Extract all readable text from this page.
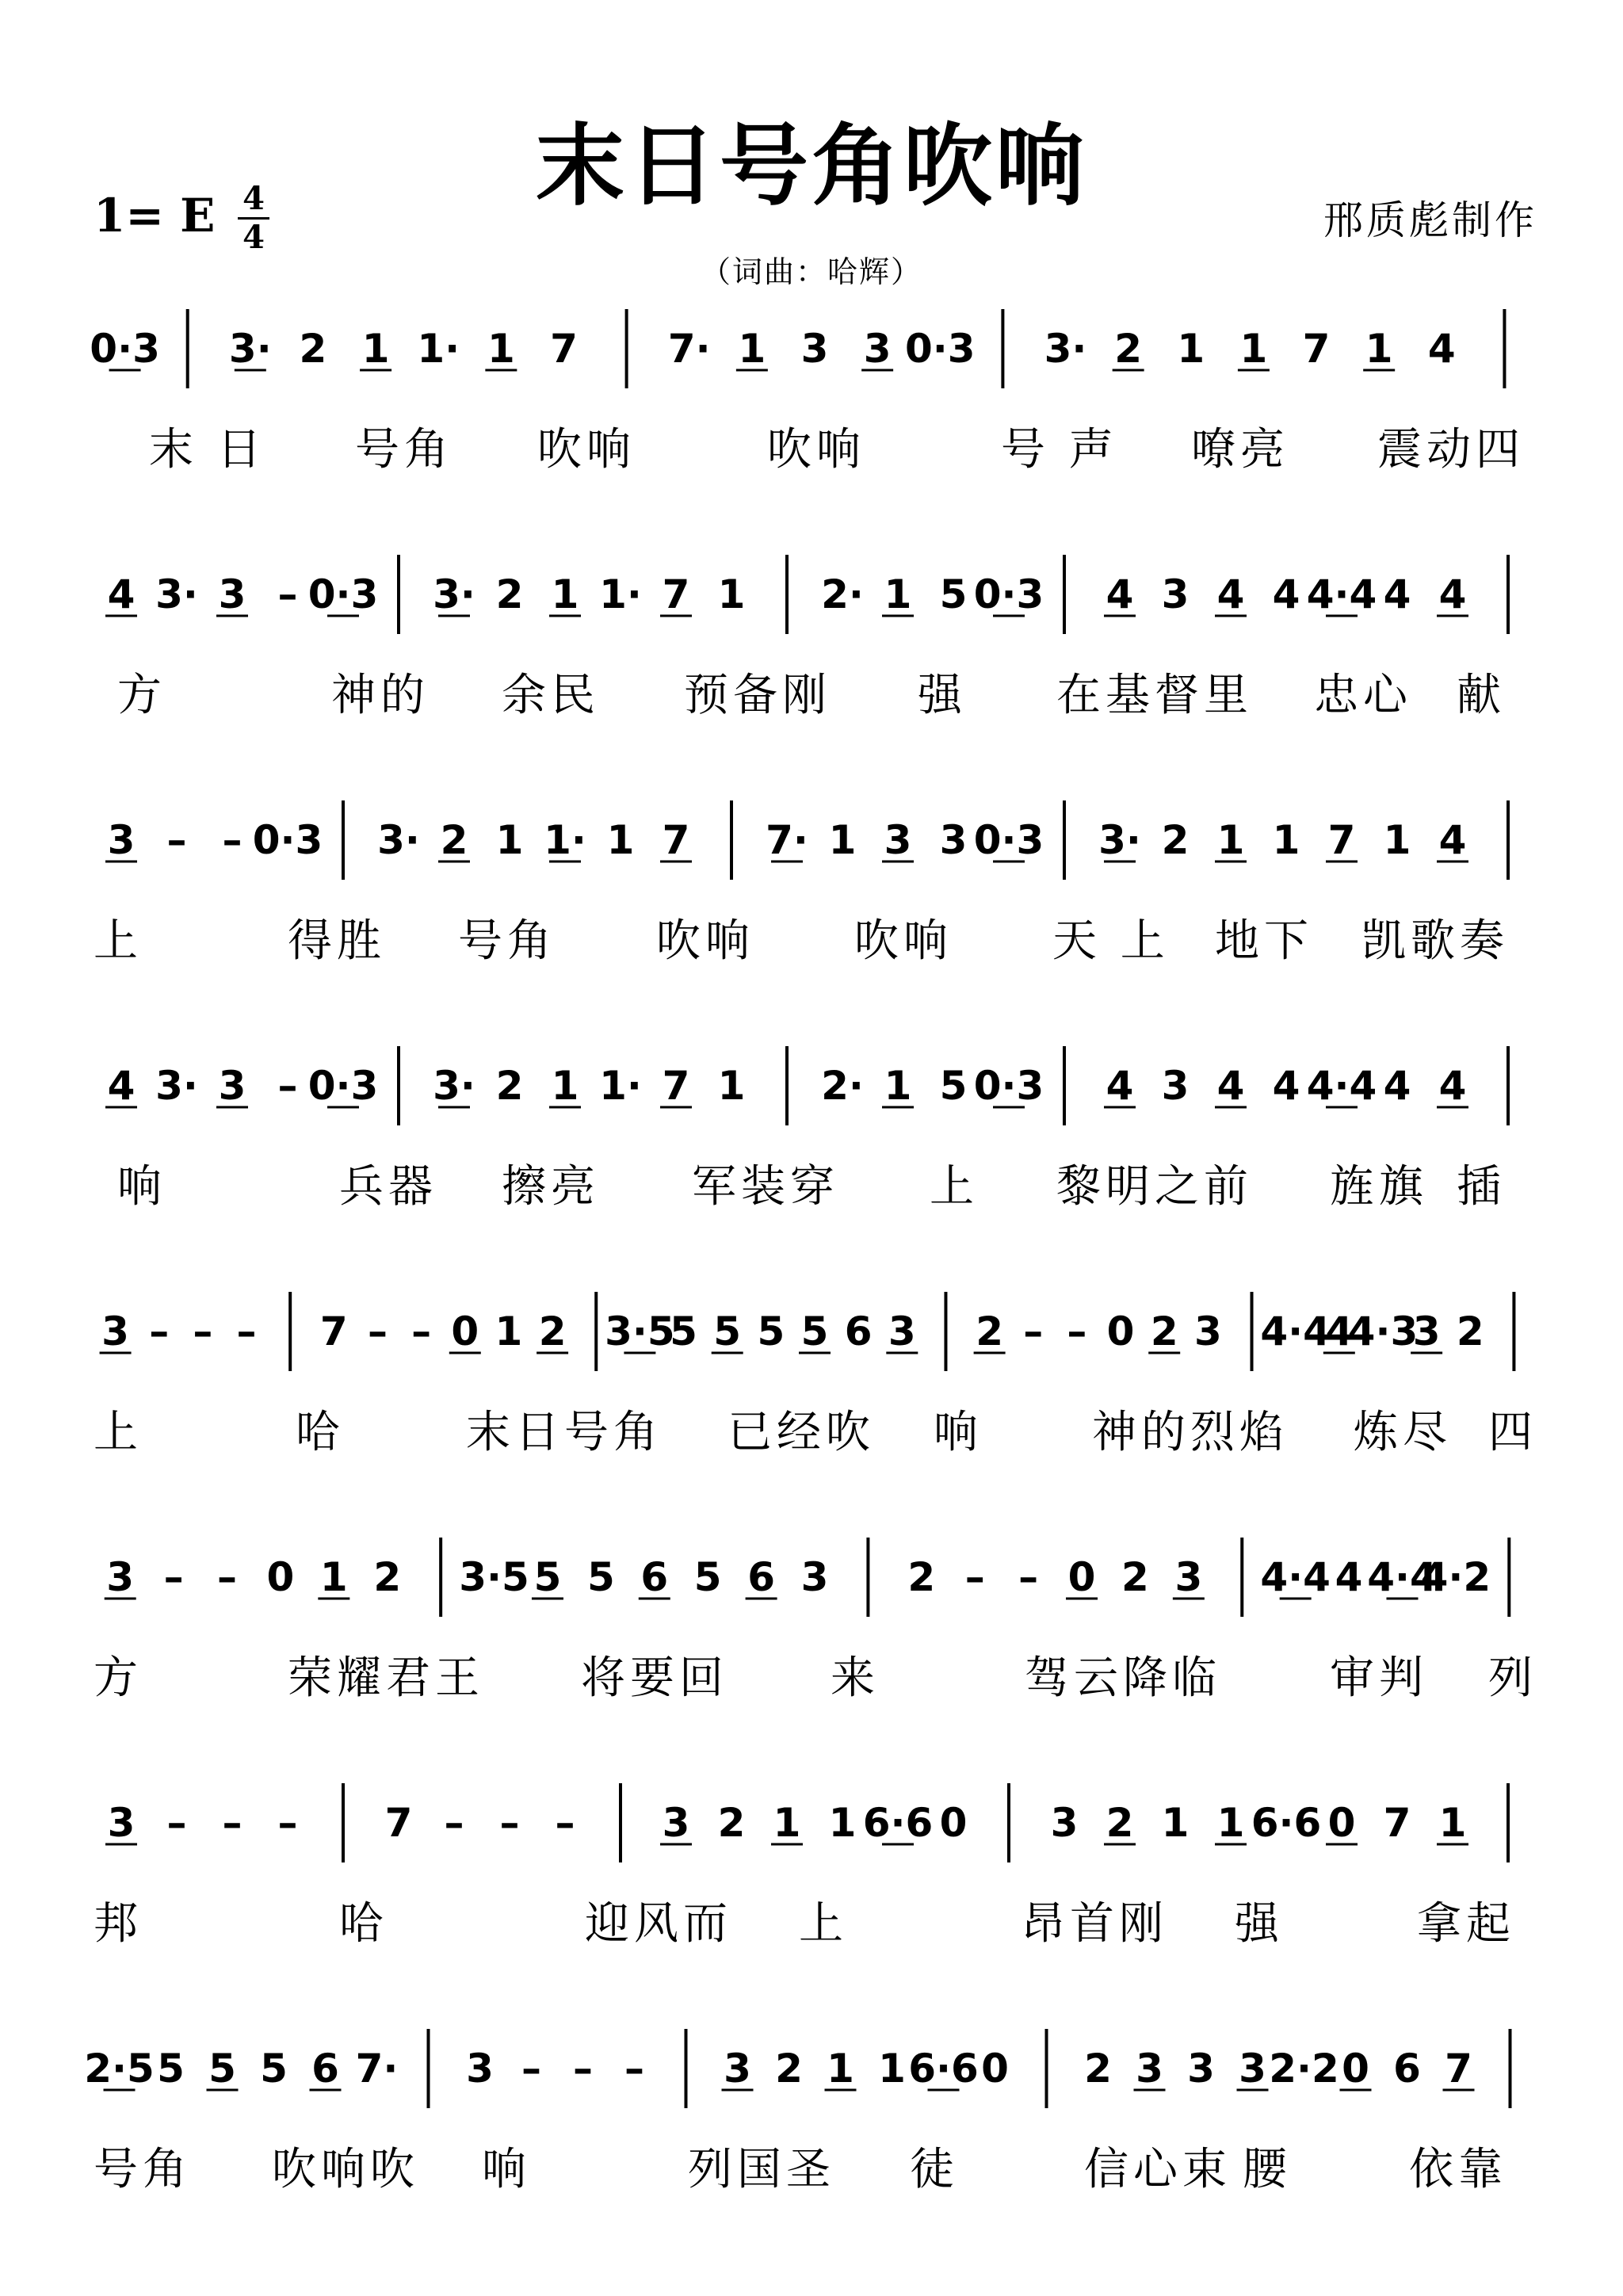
末日号角吹响
1= E 4
4	邢质彪制作
（词曲：哈辉）
0·3 3· 2 1 1· 1 7 7· 1 3 3 0·3 3· 2 1 1 7 1 4
末 日 号角 吹响	吹响	号 声 嘹亮 震动四
4 3· 3 – 0·3 3· 2 1 1· 7 1 2· 1 5 0·3 4 3 4 4 4·4 4 4
方	神的 余民 预备刚 强 在基督里 忠心 献
3 – – 0·3 3· 2 1 1· 1 7 7· 1 3 3 0·3 3· 2 1 1 7 1 4
上	得胜 号角 吹响 吹响 天 上 地下 凯歌奏
4 3· 3 – 0·3 3· 2 1 1· 7 1 2· 1 5 0·3 4 3 4 4 4·4 4 4
响	兵器 擦亮 军装穿 上 黎明之前 旌旗 插
3 – – – 7 – – 0 1 2 3·5
5 5 5 5 6 3 2 – – 0 2 3 4·4
4
4·3
3 2
上	哈	末日号角 已经吹 响 神的烈焰 炼尽 四
3 – – 0 1 2 3·5 5 5 6 5 6 3 2 – – 0 2 3 4·4 4 4·4
4·2
方	荣耀君王 将要回 来	驾云降临 审判 列
3 – – – 7 – – – 3 2 1 1 6·6 0 3 2 1 1 6·6 0 7 1
邦	哈	迎风而 上	昂首刚 强	拿起
2·5 5 5 5 6 7· 3 – – – 3 2 1 1 6·6 0 2 3 3 3 2·2 0 6 7
号角 吹响吹 响	列国圣 徒	信心束 腰	依靠
